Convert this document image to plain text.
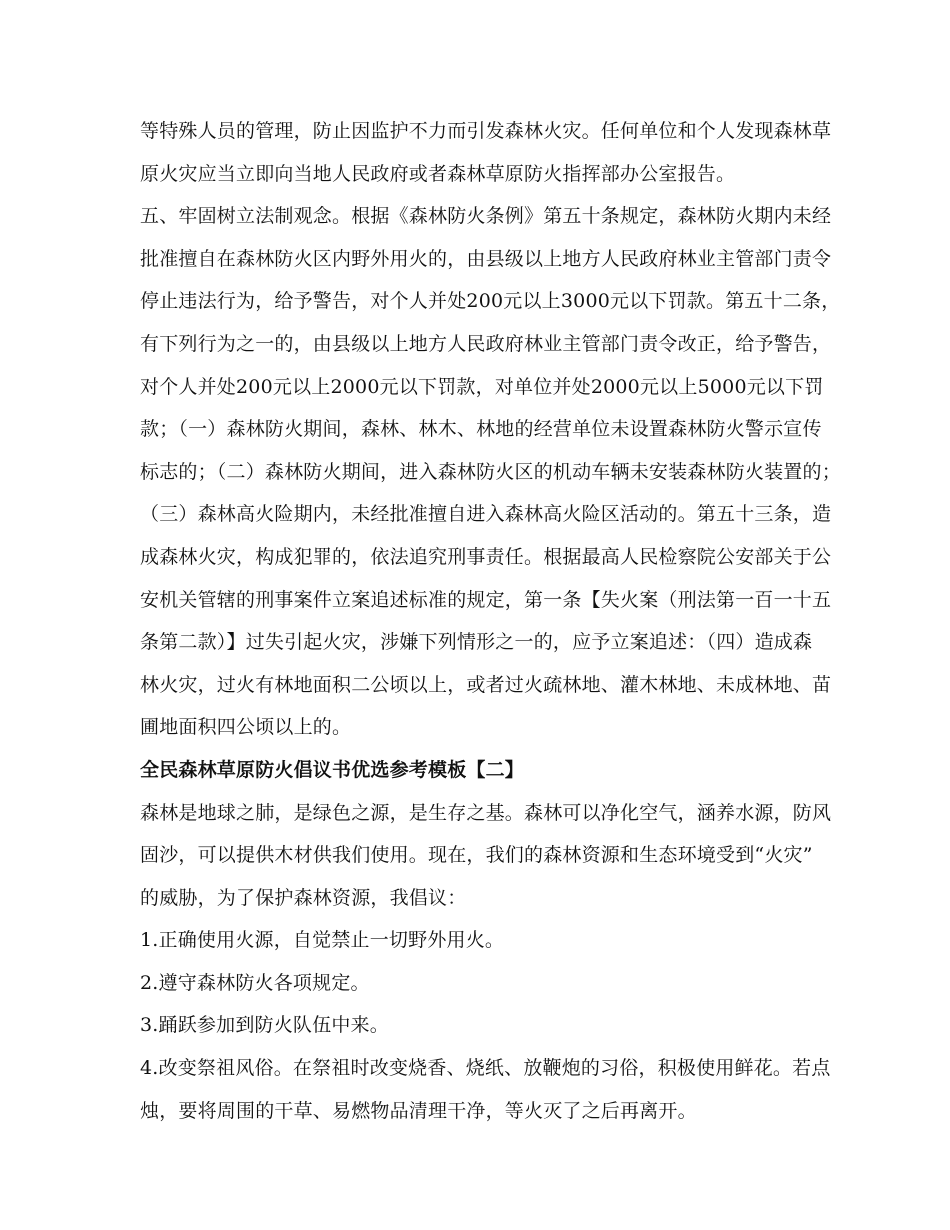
等特殊人员的管理，防止因监护不力而引发森林火灾。任何单位和个人发现森林草
原火灾应当立即向当地人民政府或者森林草原防火指挥部办公室报告。
五、牢固树立法制观念。根据《森林防火条例》第五十条规定，森林防火期内未经
批准擅自在森林防火区内野外用火的，由县级以上地方人民政府林业主管部门责令
停止违法行为，给予警告，对个人并处200元以上3000元以下罚款。第五十二条，
有下列行为之一的，由县级以上地方人民政府林业主管部门责令改正，给予警告，
对个人并处200元以上2000元以下罚款，对单位并处2000元以上5000元以下罚
款；（一）森林防火期间，森林、林木、林地的经营单位未设置森林防火警示宣传
标志的；（二）森林防火期间，进入森林防火区的机动车辆未安装森林防火装置的；
（三）森林高火险期内，未经批准擅自进入森林高火险区活动的。第五十三条，造
成森林火灾，构成犯罪的，依法追究刑事责任。根据最高人民检察院公安部关于公
安机关管辖的刑事案件立案追述标准的规定，第一条【失火案（刑法第一百一十五
条第二款）】过失引起火灾，涉嫌下列情形之一的，应予立案追述：（四）造成森
林火灾，过火有林地面积二公顷以上，或者过火疏林地、灌木林地、未成林地、苗
圃地面积四公顷以上的。
全民森林草原防火倡议书优选参考模板【二】
森林是地球之肺，是绿色之源，是生存之基。森林可以净化空气，涵养水源，防风
固沙，可以提供木材供我们使用。现在，我们的森林资源和生态环境受到“火灾”
的威胁，为了保护森林资源，我倡议：
1.正确使用火源，自觉禁止一切野外用火。
2.遵守森林防火各项规定。
3.踊跃参加到防火队伍中来。
4.改变祭祖风俗。在祭祖时改变烧香、烧纸、放鞭炮的习俗，积极使用鲜花。若点
烛，要将周围的干草、易燃物品清理干净，等火灭了之后再离开。
